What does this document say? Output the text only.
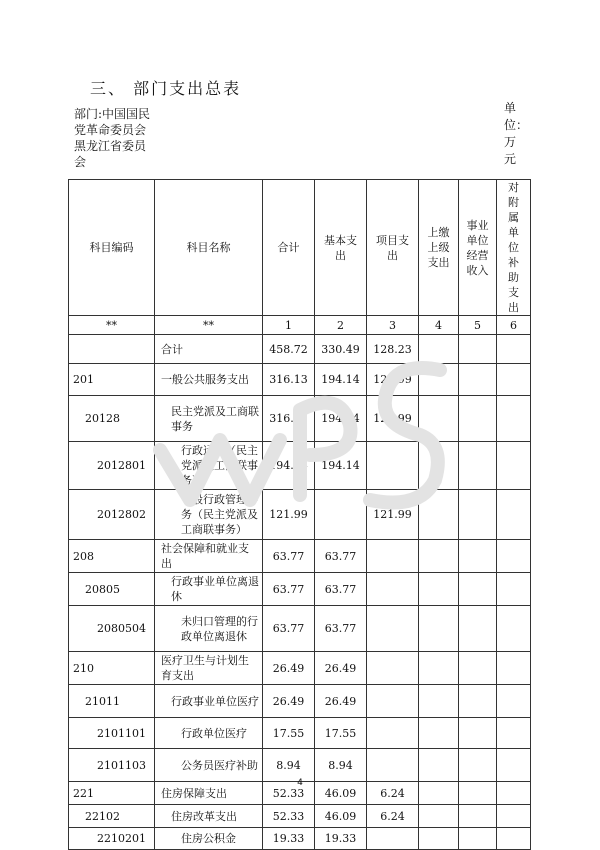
三、 部门支出总表
部门:中国国民党革命委员会黑龙江省委员会
单位：万元
科目编码	科目名称	合计	基本支出	项目支出	上缴上级支出	事业单位经营收入	对附属单位补助支出
**	**	1	2	3	4	5	6
	合计	458.72	330.49	128.23			
201	一般公共服务支出	316.13	194.14	121.99			
20128	民主党派及工商联事务	316.13	194.14	121.99			
2012801	行政运行（民主党派及工商联事务）	194.14	194.14				
2012802	一般行政管理事务（民主党派及工商联事务）	121.99		121.99			
208	社会保障和就业支出	63.77	63.77				
20805	行政事业单位离退休	63.77	63.77				
2080504	未归口管理的行政单位离退休	63.77	63.77				
210	医疗卫生与计划生育支出	26.49	26.49				
21011	行政事业单位医疗	26.49	26.49				
2101101	行政单位医疗	17.55	17.55				
2101103	公务员医疗补助	8.94	8.94				
221	住房保障支出	52.33	46.09	6.24			
22102	住房改革支出	52.33	46.09	6.24			
2210201	住房公积金	19.33	19.33				
4
